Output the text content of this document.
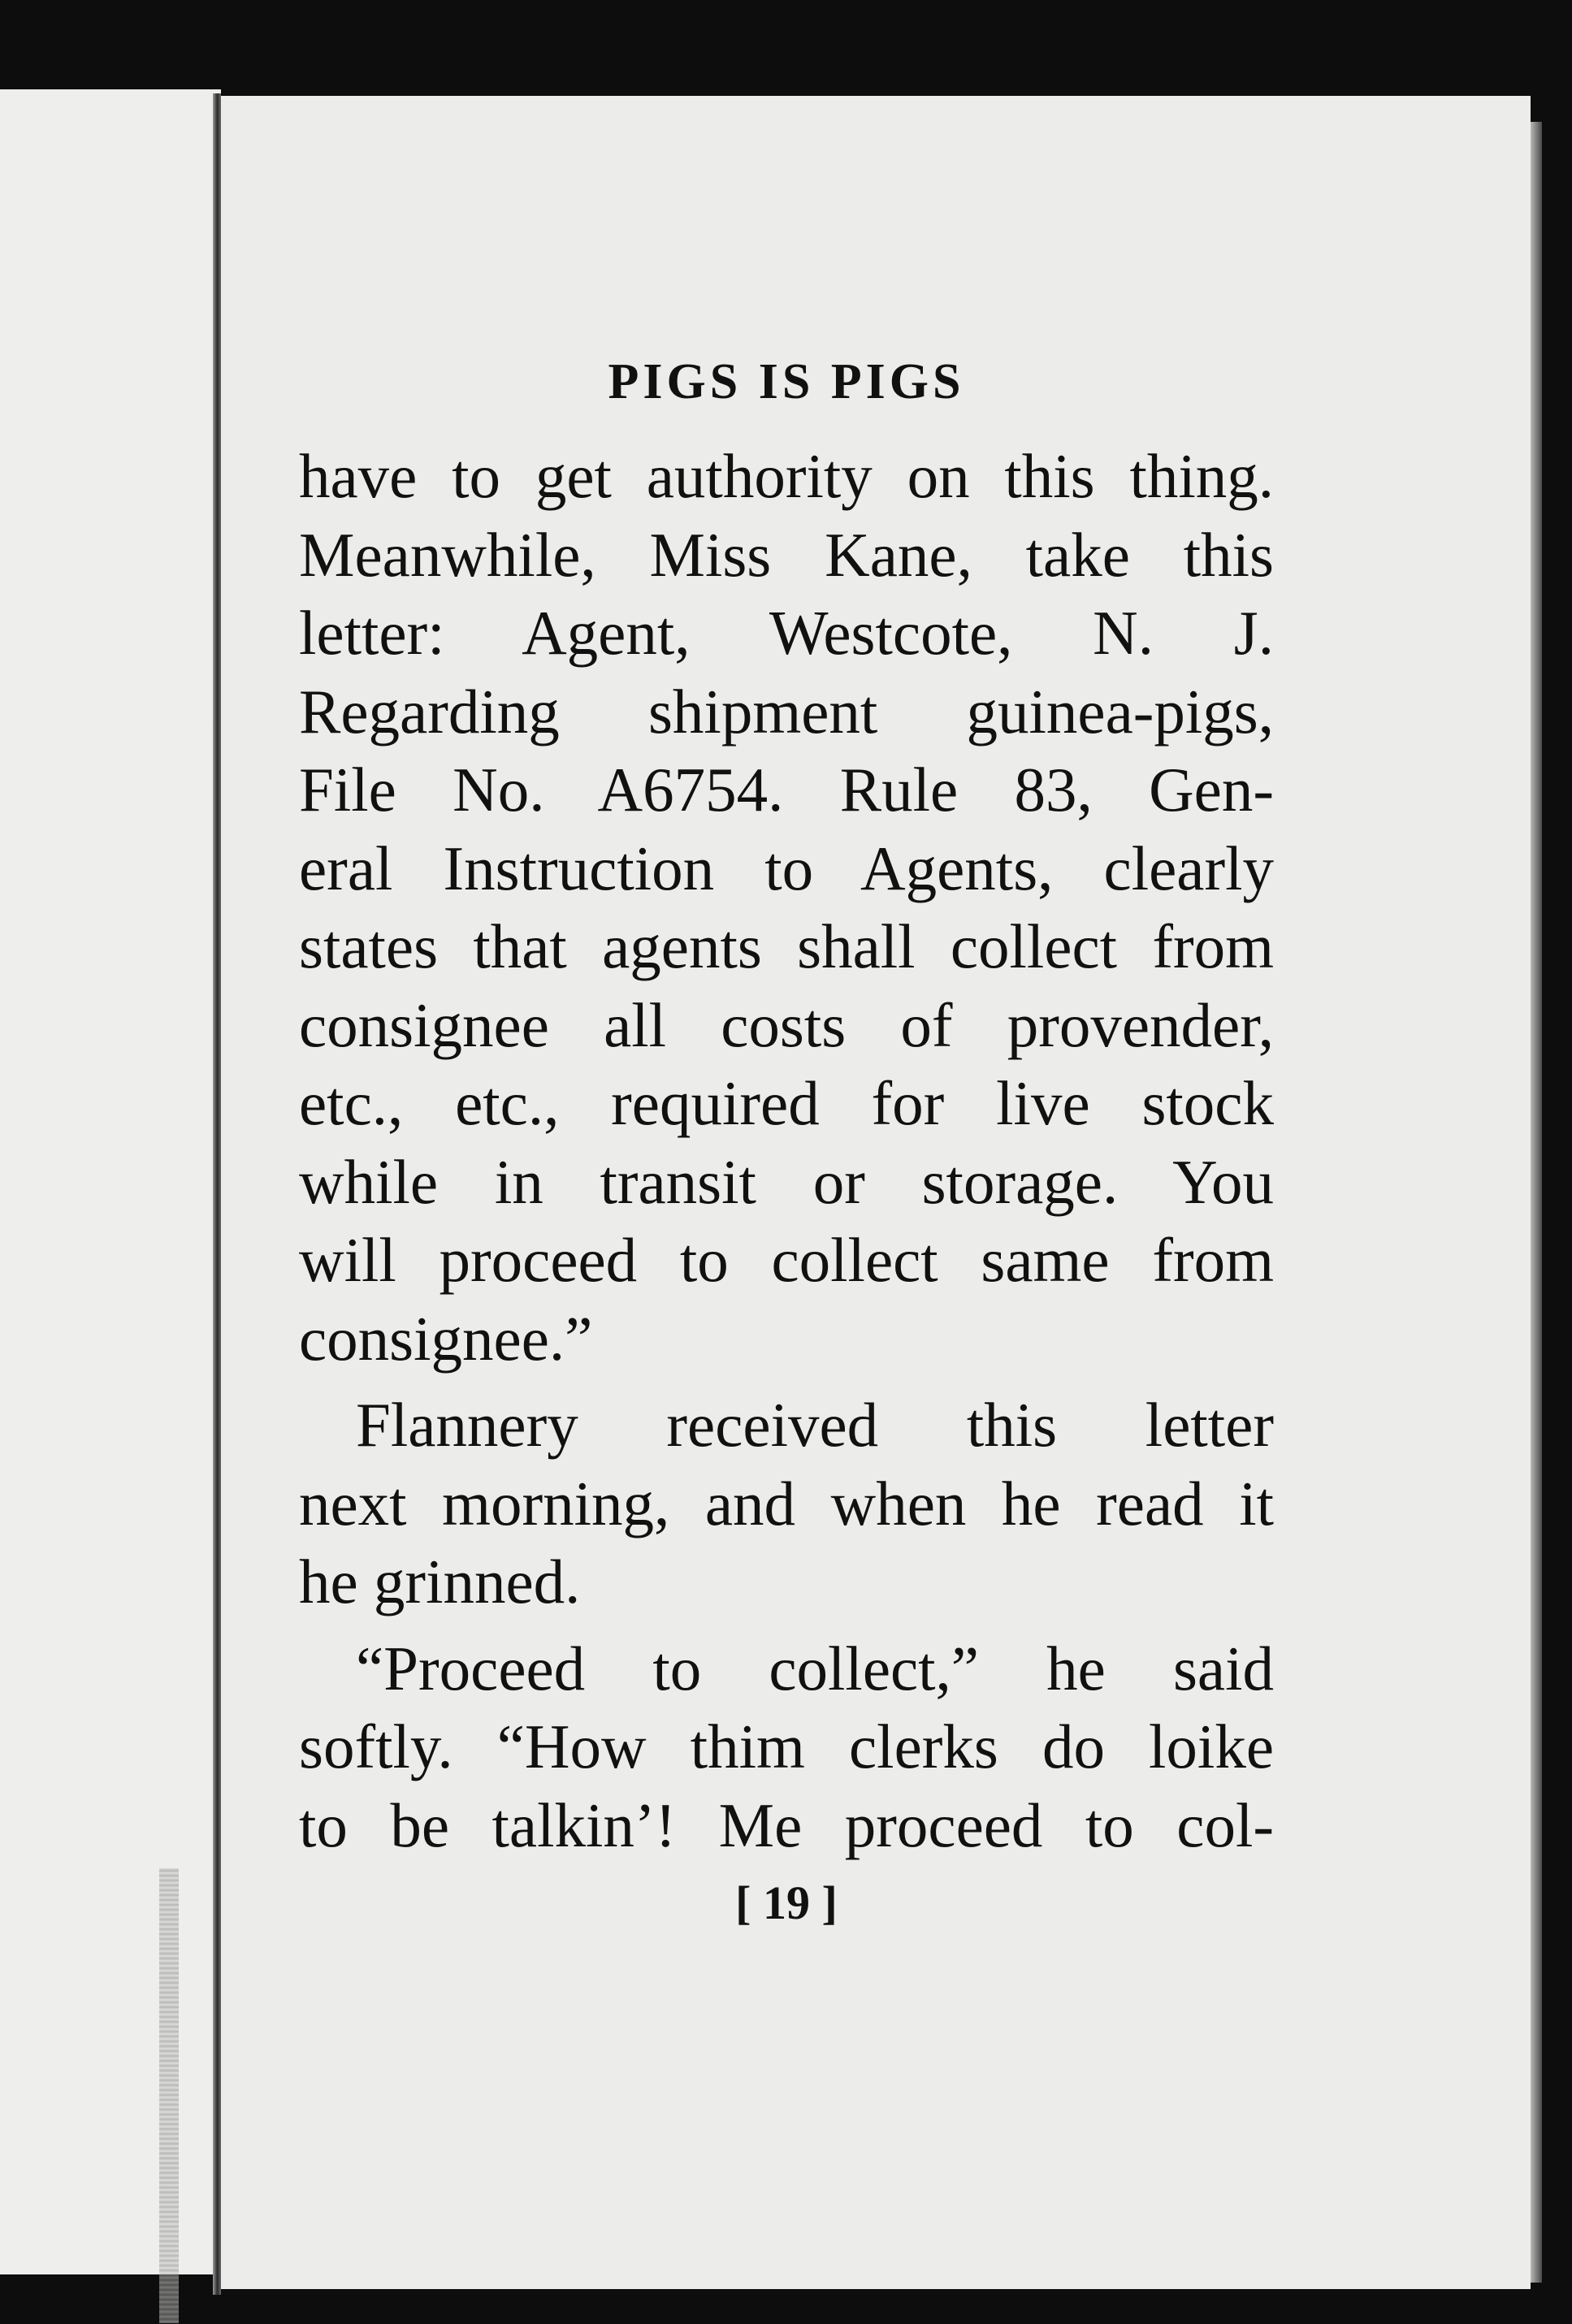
PIGS IS PIGS
have to get authority on this thing.
Meanwhile, Miss Kane, take this
letter: Agent, Westcote, N. J.
Regarding shipment guinea-pigs,
File No. A6754. Rule 83, Gen-
eral Instruction to Agents, clearly
states that agents shall collect from
consignee all costs of provender,
etc., etc., required for live stock
while in transit or storage. You
will proceed to collect same from
consignee.”
Flannery received this letter
next morning, and when he read it
he grinned.
“Proceed to collect,” he said
softly. “How thim clerks do loike
to be talkin’! Me proceed to col-
[ 19 ]
